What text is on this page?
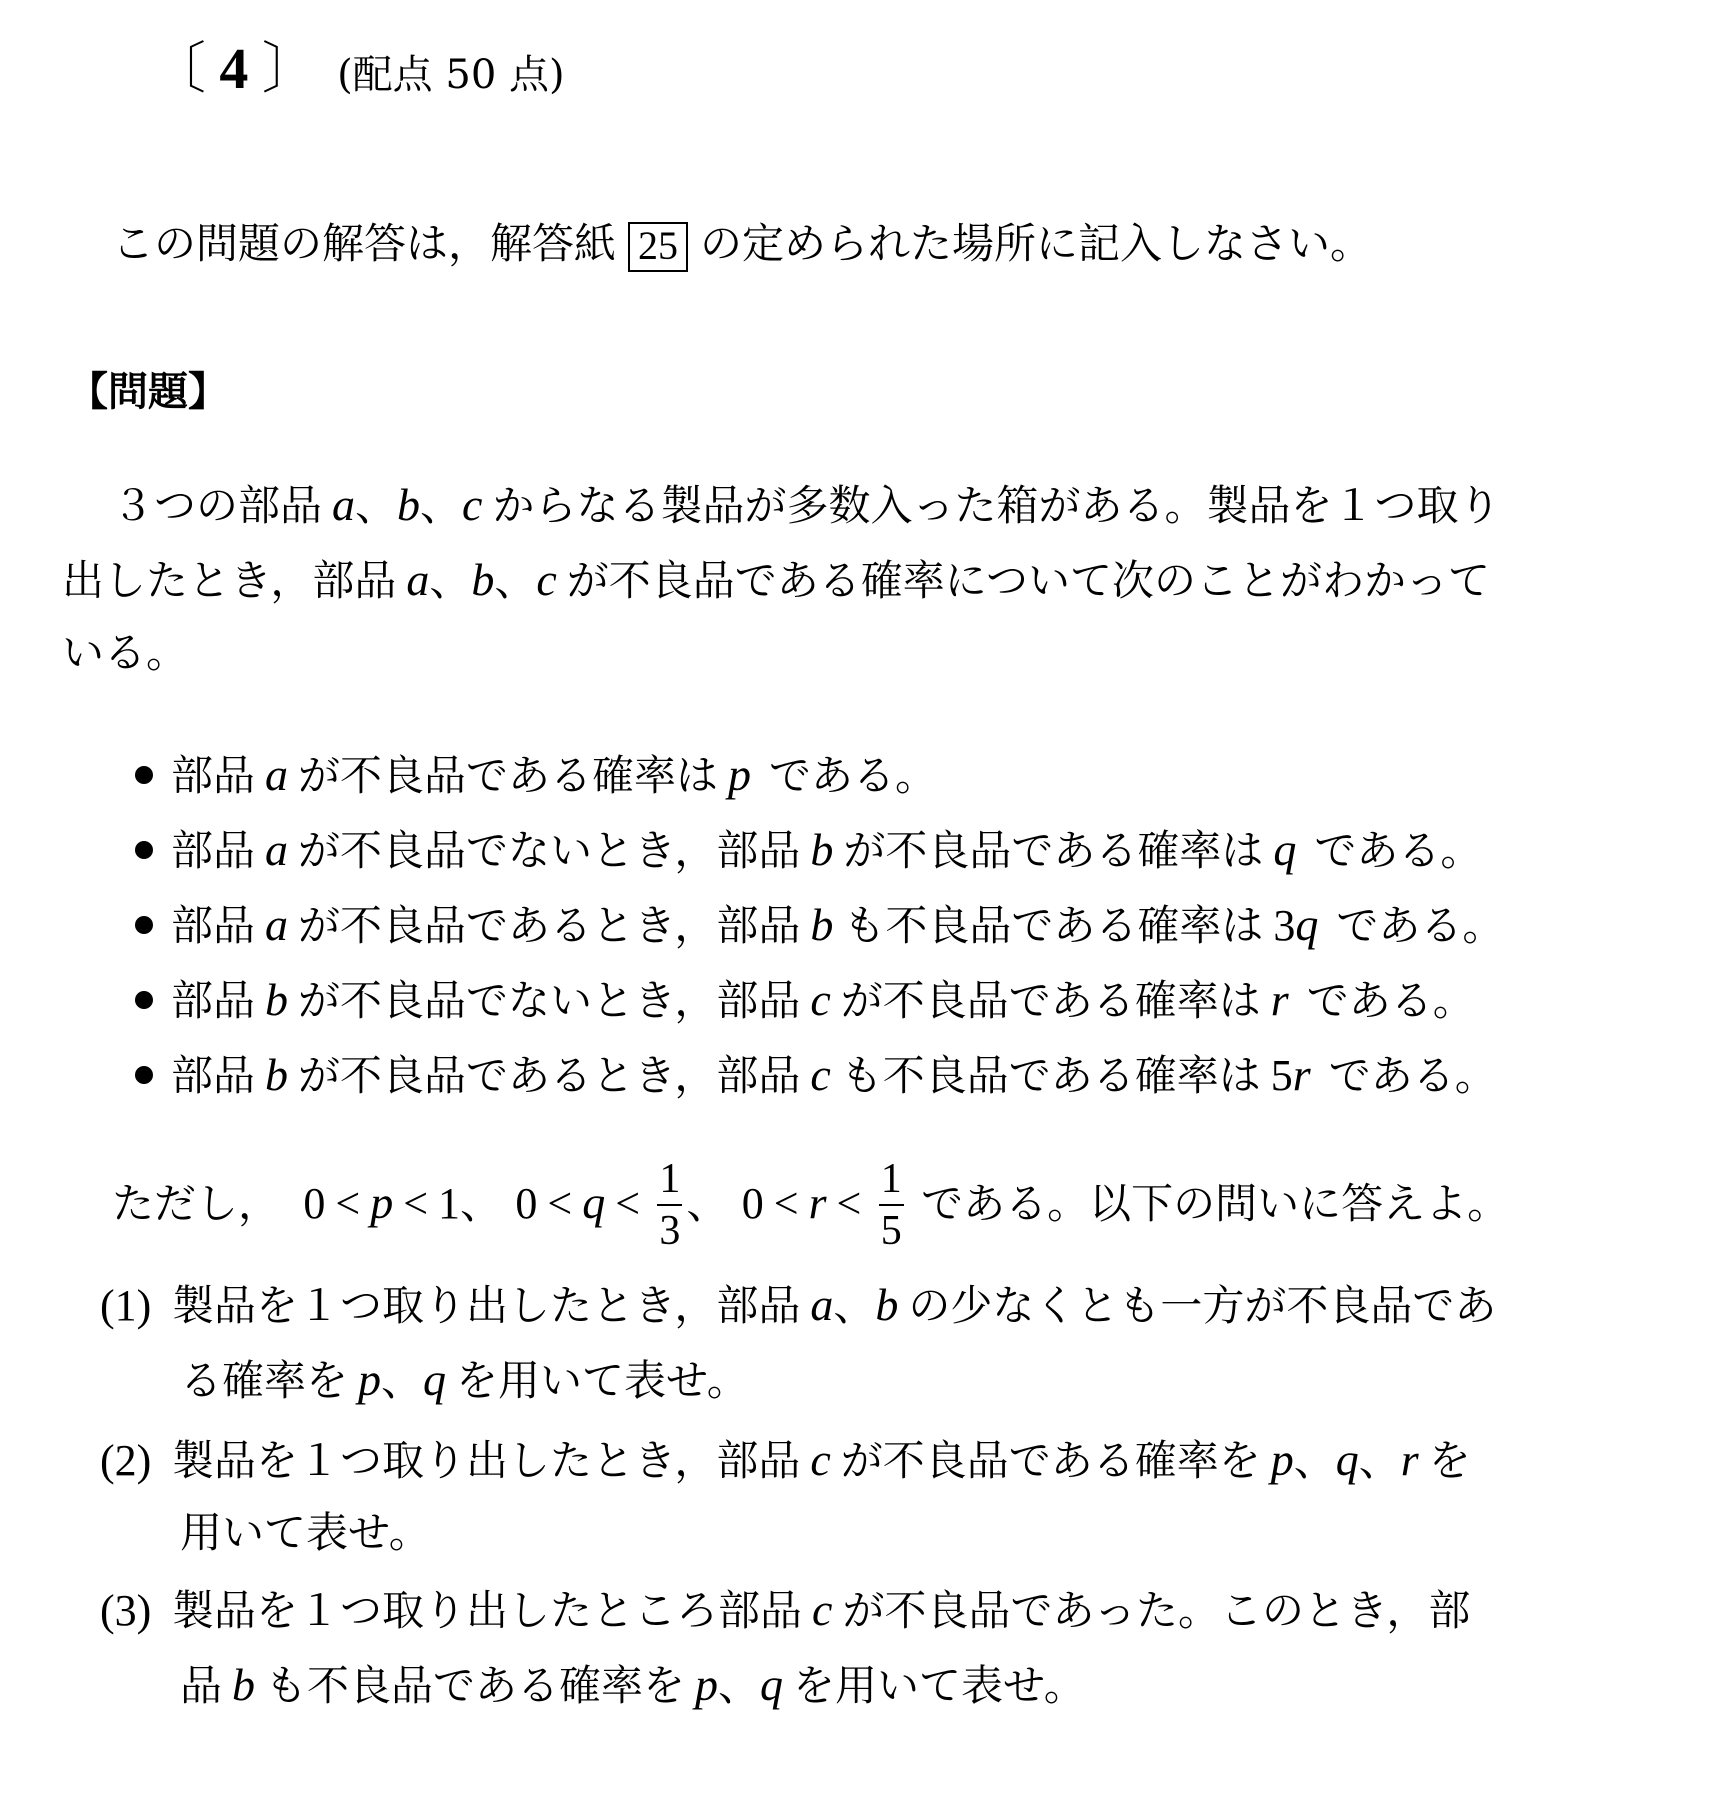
〔 4 〕 (配点 50 点)
この問題の解答は，解答紙 25 の定められた場所に記入しなさい。
【問題】
３つの部品 a、b、c からなる製品が多数入った箱がある。製品を１つ取り
出したとき，部品 a、b、c が不良品である確率について次のことがわかって
いる。
部品 a が不良品である確率は p である。
部品 a が不良品でないとき，部品 b が不良品である確率は q である。
部品 a が不良品であるとき，部品 b も不良品である確率は 3q である。
部品 b が不良品でないとき，部品 c が不良品である確率は r である。
部品 b が不良品であるとき，部品 c も不良品である確率は 5r である。
ただし， 0 < p < 1、 $0 < q < \frac{1}{3}$ 、 $0 < r < \frac{1}{5}$ である。以下の問いに答えよ。
(1) 製品を１つ取り出したとき，部品 a、b の少なくとも一方が不良品であ
る確率を p、q を用いて表せ。
(2) 製品を１つ取り出したとき，部品 c が不良品である確率を p、q、r を
用いて表せ。
(3) 製品を１つ取り出したところ部品 c が不良品であった。このとき，部
品 b も不良品である確率を p、q を用いて表せ。
